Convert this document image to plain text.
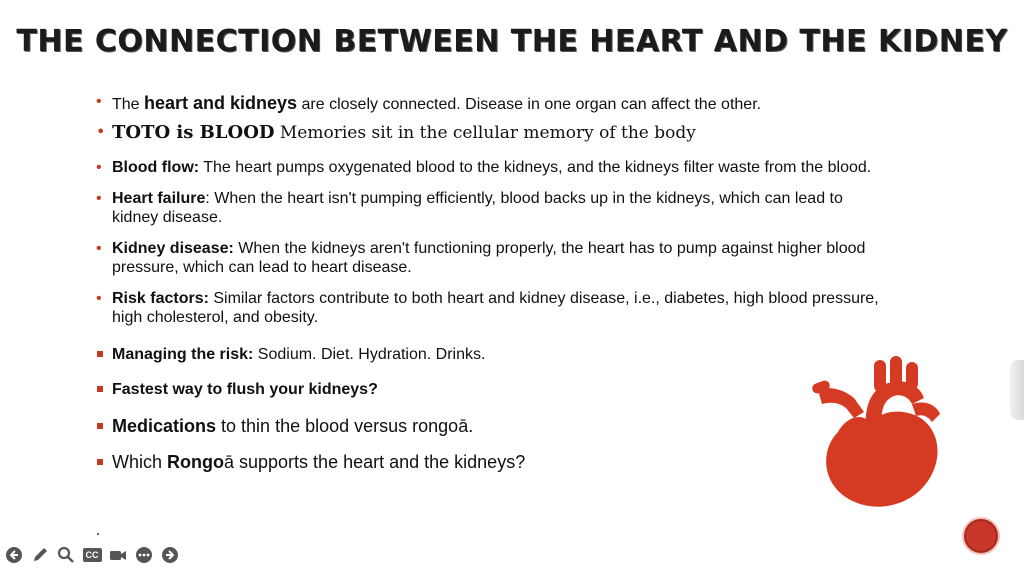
THE CONNECTION BETWEEN THE HEART AND THE KIDNEY
• The heart and kidneys are closely connected. Disease in one organ can affect the other.
• TOTO is BLOOD Memories sit in the cellular memory of the body
• Blood flow: The heart pumps oxygenated blood to the kidneys, and the kidneys filter waste from the blood.
• Heart failure: When the heart isn't pumping efficiently, blood backs up in the kidneys, which can lead to kidney disease.
• Kidney disease: When the kidneys aren't functioning properly, the heart has to pump against higher blood pressure, which can lead to heart disease.
• Risk factors: Similar factors contribute to both heart and kidney disease, i.e., diabetes, high blood pressure, high cholesterol, and obesity.
Managing the risk: Sodium. Diet. Hydration. Drinks.
Fastest way to flush your kidneys?
Medications to thin the blood versus rongoā.
Which Rongoā supports the heart and the kidneys?
CC
